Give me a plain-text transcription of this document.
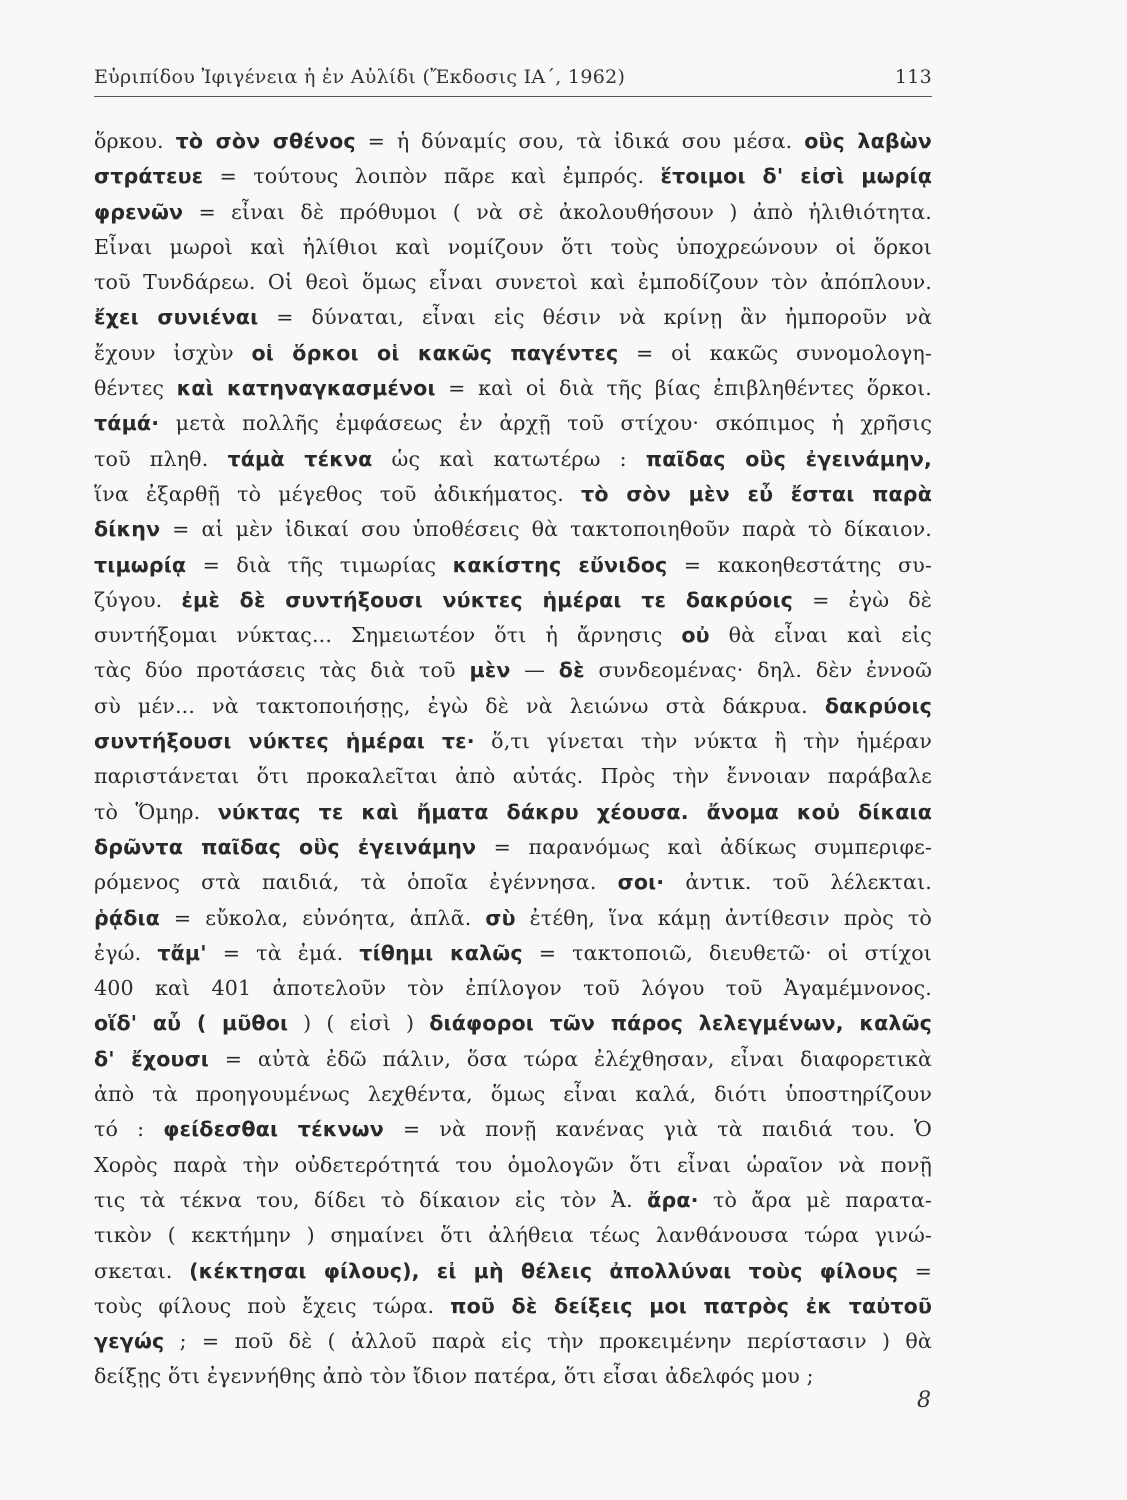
Εὐριπίδου Ἰφιγένεια ἡ ἐν Αὐλίδι (Ἔκδοσις ΙΑ΄, 1962)	113
ὅρκου. τὸ σὸν σθένος = ἡ δύναμίς σου, τὰ ἰδικά σου μέσα. οὓς λαβὼν
στράτευε = τούτους λοιπὸν πᾶρε καὶ ἐμπρός. ἕτοιμοι δ' εἰσὶ μωρίᾳ
φρενῶν = εἶναι δὲ πρόθυμοι ( νὰ σὲ ἀκολουθήσουν ) ἀπὸ ἠλιθιότητα.
Εἶναι μωροὶ καὶ ἠλίθιοι καὶ νομίζουν ὅτι τοὺς ὑποχρεώνουν οἱ ὅρκοι
τοῦ Τυνδάρεω. Οἱ θεοὶ ὅμως εἶναι συνετοὶ καὶ ἐμποδίζουν τὸν ἀπόπλουν.
ἔχει συνιέναι = δύναται, εἶναι εἰς θέσιν νὰ κρίνῃ ἂν ἠμποροῦν νὰ
ἔχουν ἰσχὺν οἱ ὅρκοι οἱ κακῶς παγέντες = οἱ κακῶς συνομολογη-
θέντες καὶ κατηναγκασμένοι = καὶ οἱ διὰ τῆς βίας ἐπιβληθέντες ὅρκοι.
τάμά· μετὰ πολλῆς ἐμφάσεως ἐν ἀρχῇ τοῦ στίχου· σκόπιμος ἡ χρῆσις
τοῦ πληθ. τάμὰ τέκνα ὡς καὶ κατωτέρω : παῖδας οὓς ἐγεινάμην,
ἵνα ἐξαρθῇ τὸ μέγεθος τοῦ ἀδικήματος. τὸ σὸν μὲν εὖ ἔσται παρὰ
δίκην = αἱ μὲν ἰδικαί σου ὑποθέσεις θὰ τακτοποιηθοῦν παρὰ τὸ δίκαιον.
τιμωρίᾳ = διὰ τῆς τιμωρίας κακίστης εὔνιδος = κακοηθεστάτης συ-
ζύγου. ἐμὲ δὲ συντήξουσι νύκτες ἡμέραι τε δακρύοις = ἐγὼ δὲ
συντήξομαι νύκτας... Σημειωτέον ὅτι ἡ ἄρνησις οὐ θὰ εἶναι καὶ εἰς
τὰς δύο προτάσεις τὰς διὰ τοῦ μὲν — δὲ συνδεομένας· δηλ. δὲν ἐννοῶ
σὺ μέν... νὰ τακτοποιήσῃς, ἐγὼ δὲ νὰ λειώνω στὰ δάκρυα. δακρύοις
συντήξουσι νύκτες ἡμέραι τε· ὅ,τι γίνεται τὴν νύκτα ἢ τὴν ἡμέραν
παριστάνεται ὅτι προκαλεῖται ἀπὸ αὐτάς. Πρὸς τὴν ἔννοιαν παράβαλε
τὸ Ὅμηρ. νύκτας τε καὶ ἤματα δάκρυ χέουσα. ἄνομα κοὐ δίκαια
δρῶντα παῖδας οὓς ἐγεινάμην = παρανόμως καὶ ἀδίκως συμπεριφε-
ρόμενος στὰ παιδιά, τὰ ὁποῖα ἐγέννησα. σοι· ἀντικ. τοῦ λέλεκται.
ῥᾴδια = εὔκολα, εὐνόητα, ἁπλᾶ. σὺ ἐτέθη, ἵνα κάμῃ ἀντίθεσιν πρὸς τὸ
ἐγώ. τἄμ' = τὰ ἐμά. τίθημι καλῶς = τακτοποιῶ, διευθετῶ· οἱ στίχοι
400 καὶ 401 ἀποτελοῦν τὸν ἐπίλογον τοῦ λόγου τοῦ Ἀγαμέμνονος.
οἵδ' αὖ ( μῦθοι ) ( εἰσὶ ) διάφοροι τῶν πάρος λελεγμένων, καλῶς
δ' ἔχουσι = αὐτὰ ἐδῶ πάλιν, ὅσα τώρα ἐλέχθησαν, εἶναι διαφορετικὰ
ἀπὸ τὰ προηγουμένως λεχθέντα, ὅμως εἶναι καλά, διότι ὑποστηρίζουν
τό : φείδεσθαι τέκνων = νὰ πονῇ κανένας γιὰ τὰ παιδιά του. Ὁ
Χορὸς παρὰ τὴν οὐδετερότητά του ὁμολογῶν ὅτι εἶναι ὡραῖον νὰ πονῇ
τις τὰ τέκνα του, δίδει τὸ δίκαιον εἰς τὸν Ἀ. ἄρα· τὸ ἄρα μὲ παρατα-
τικὸν ( κεκτήμην ) σημαίνει ὅτι ἀλήθεια τέως λανθάνουσα τώρα γινώ-
σκεται. (κέκτησαι φίλους), εἰ μὴ θέλεις ἀπολλύναι τοὺς φίλους =
τοὺς φίλους ποὺ ἔχεις τώρα. ποῦ δὲ δείξεις μοι πατρὸς ἐκ ταὐτοῦ
γεγώς ; = ποῦ δὲ ( ἀλλοῦ παρὰ εἰς τὴν προκειμένην περίστασιν ) θὰ
δείξῃς ὅτι ἐγεννήθης ἀπὸ τὸν ἴδιον πατέρα, ὅτι εἶσαι ἀδελφός μου ;
8
